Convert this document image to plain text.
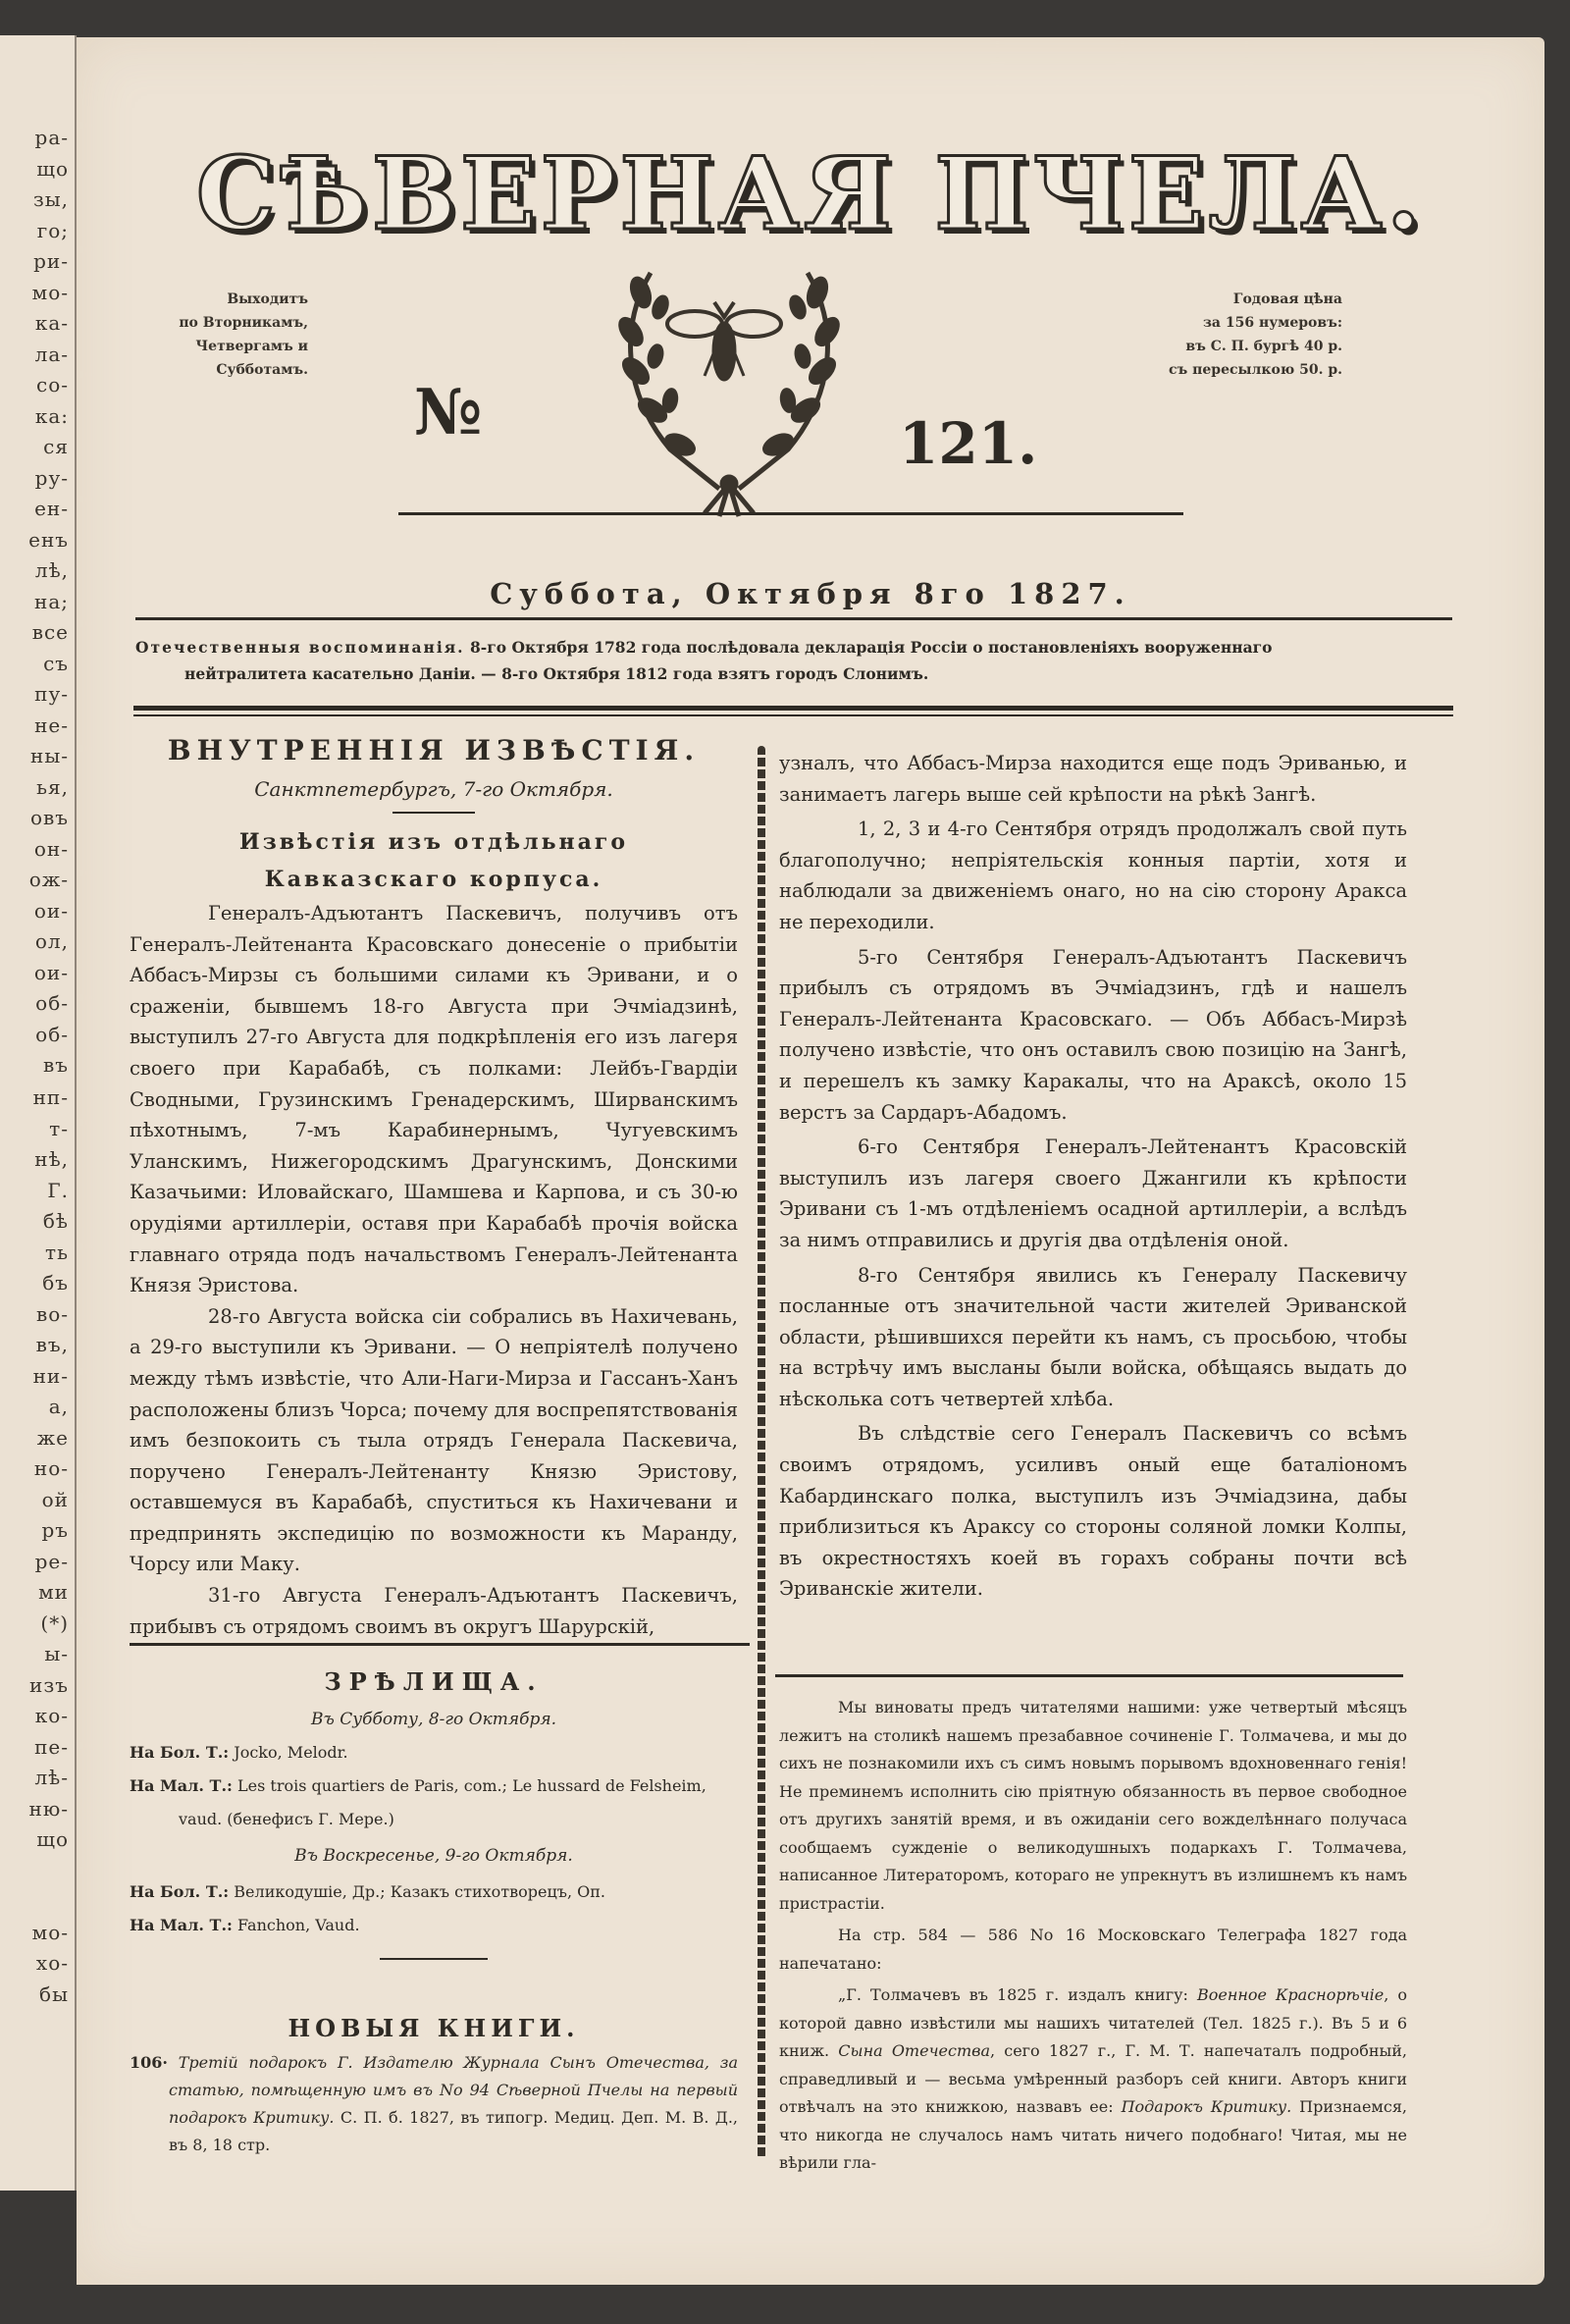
ра-
що
зы,
го;
ри-
мо-
ка-
ла-
со-
ка:
ся
ру-
ен-
енъ
лѣ,
на;
все
съ
пу-
не-
ны-
ья,
овъ
он-
ож-
ои-
ол,
ои-
об-
об-
въ
нп-
т-
нѣ,
Г.
бѣ
ть
бъ
во-
въ,
ни-
а,
же
но-
ой
ръ
ре-
ми
(*)
ы-
изъ
ко-
пе-
лѣ-
ню-
що
мо-
хо-
бы
СѢВЕРНАЯ ПЧЕЛА.
Выходитъ
по Вторникамъ,
Четвергамъ и
Субботамъ.
№	121.
Годовая цѣна
за 156 нумеровъ:
въ С. П. бургѣ 40 р.
съ пересылкою 50. р.
Суббота, Октября 8го 1827.
Отечественныя воспоминанія. 8-го Октября 1782 года послѣдовала декларація Россіи о постановленіяхъ вооруженнаго
нейтралитета касательно Даніи. — 8-го Октября 1812 года взятъ городъ Слонимъ.
ВНУТРЕННІЯ ИЗВѢСТІЯ.
Санктпетербургъ, 7-го Октября.
Извѣстія изъ отдѣльнаго Кавказскаго корпуса.

Генералъ-Адъютантъ Паскевичъ, получивъ отъ Генералъ-Лейтенанта Красовскаго донесеніе о прибытіи Аббасъ-Мирзы съ большими силами къ Эривани, и о сраженіи, бывшемъ 18-го Августа при Эчміадзинѣ, выступилъ 27-го Августа для подкрѣпленія его изъ лагеря своего при Карабабѣ, съ полками: Лейбъ-Гвардіи Сводными, Грузинскимъ Гренадерскимъ, Ширванскимъ пѣхотнымъ, 7-мъ Карабинернымъ, Чугуевскимъ Уланскимъ, Нижегородскимъ Драгунскимъ, Донскими Казачьими: Иловайскаго, Шамшева и Карпова, и съ 30-ю орудіями артиллеріи, оставя при Карабабѣ прочія войска главнаго отряда подъ начальствомъ Генералъ-Лейтенанта Князя Эристова.

28-го Августа войска сіи собрались въ Нахичевань, а 29-го выступили къ Эривани. — О непріятелѣ получено между тѣмъ извѣстіе, что Али-Наги-Мирза и Гассанъ-Ханъ расположены близъ Чорса; почему для воспрепятствованія имъ безпокоить съ тыла отрядъ Генерала Паскевича, поручено Генералъ-Лейтенанту Князю Эристову, оставшемуся въ Карабабѣ, спуститься къ Нахичевани и предпринять экспедицію по возможности къ Маранду, Чорсу или Маку.

31-го Августа Генералъ-Адъютантъ Паскевичъ, прибывъ съ отрядомъ своимъ въ округъ Шарурскій,

ЗРѢЛИЩА.

Въ Субботу, 8-го Октября.

На Бол. Т.: Jocko, Melodr.

На Мал. Т.: Les trois quartiers de Paris, com.; Le hussard de Felsheim, vaud. (бенефисъ Г. Мере.)

Въ Воскресенье, 9-го Октября.

На Бол. Т.: Великодушіе, Др.; Казакъ стихотворецъ, Оп.

На Мал. Т.: Fanchon, Vaud.

НОВЫЯ КНИГИ.

106· Третій подарокъ Г. Издателю Журнала Сынъ Отечества, за статью, помѣщенную имъ въ No 94 Сѣверной Пчелы на первый подарокъ Критику. С. П. б. 1827, въ типогр. Медиц. Деп. М. В. Д., въ 8, 18 стр.

узналъ, что Аббасъ-Мирза находится еще подъ Эриванью, и занимаетъ лагерь выше сей крѣпости на рѣкѣ Зангѣ.

1, 2, 3 и 4-го Сентября отрядъ продолжалъ свой путь благополучно; непріятельскія конныя партіи, хотя и наблюдали за движеніемъ онаго, но на сію сторону Аракса не переходили.

5-го Сентября Генералъ-Адъютантъ Паскевичъ прибылъ съ отрядомъ въ Эчміадзинъ, гдѣ и нашелъ Генералъ-Лейтенанта Красовскаго. — Объ Аббасъ-Мирзѣ получено извѣстіе, что онъ оставилъ свою позицію на Зангѣ, и перешелъ къ замку Каракалы, что на Араксѣ, около 15 верстъ за Сардаръ-Абадомъ.

6-го Сентября Генералъ-Лейтенантъ Красовскій выступилъ изъ лагеря своего Джангили къ крѣпости Эривани съ 1-мъ отдѣленіемъ осадной артиллеріи, а вслѣдъ за нимъ отправились и другія два отдѣленія оной.

8-го Сентября явились къ Генералу Паскевичу посланные отъ значительной части жителей Эриванской области, рѣшившихся перейти къ намъ, съ просьбою, чтобы на встрѣчу имъ высланы были войска, обѣщаясь выдать до нѣсколька сотъ четвертей хлѣба.

Въ слѣдствіе сего Генералъ Паскевичъ со всѣмъ своимъ отрядомъ, усиливъ оный еще баталіономъ Кабардинскаго полка, выступилъ изъ Эчміадзина, дабы приблизиться къ Араксу со стороны соляной ломки Колпы, въ окрестностяхъ коей въ горахъ собраны почти всѣ Эриванскіе жители.

Мы виноваты предъ читателями нашими: уже четвертый мѣсяцъ лежитъ на столикѣ нашемъ презабавное сочиненіе Г. Толмачева, и мы до сихъ не познакомили ихъ съ симъ новымъ порывомъ вдохновеннаго генія! Не преминемъ исполнить сію пріятную обязанность въ первое свободное отъ другихъ занятій время, и въ ожиданіи сего вожделѣннаго получаса сообщаемъ сужденіе о великодушныхъ подаркахъ Г. Толмачева, написанное Литераторомъ, котораго не упрекнутъ въ излишнемъ къ намъ пристрастіи.

На стр. 584 — 586 No 16 Московскаго Телеграфа 1827 года напечатано:

„Г. Толмачевъ въ 1825 г. издалъ книгу: Военное Краснорѣчіе, о которой давно извѣстили мы нашихъ читателей (Тел. 1825 г.). Въ 5 и 6 книж. Сына Отечества, сего 1827 г., Г. М. Т. напечаталъ подробный, справедливый и — весьма умѣренный разборъ сей книги. Авторъ книги отвѣчалъ на это книжкою, назвавъ ее: Подарокъ Критику. Признаемся, что никогда не случалось намъ читать ничего подобнаго! Читая, мы не вѣрили гла-
